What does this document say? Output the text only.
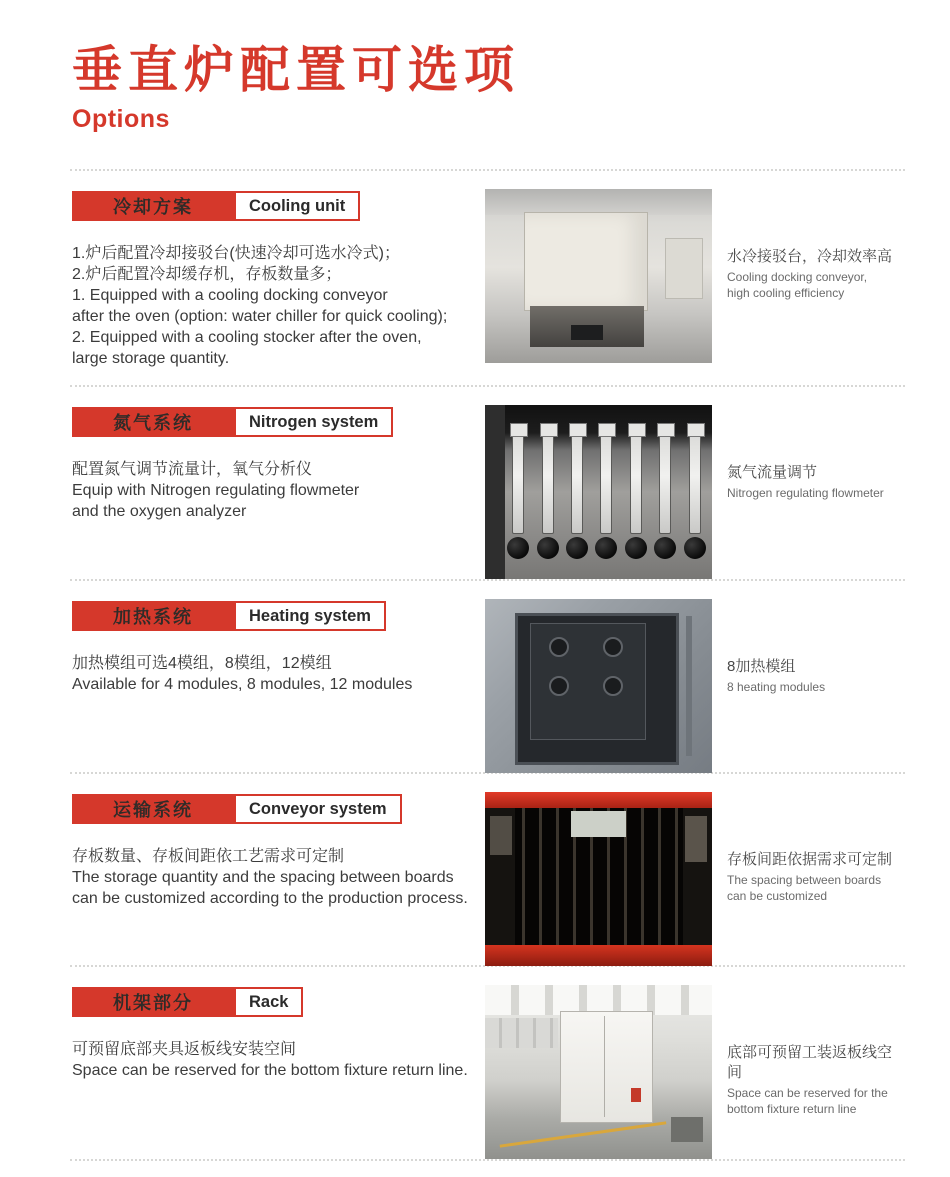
垂直炉配置可选项
Options
冷却方案	Cooling unit
1.炉后配置冷却接驳台(快速冷却可选水冷式)；
2.炉后配置冷却缓存机，存板数量多；
1. Equipped with a cooling docking conveyor
after the oven (option: water chiller for quick cooling);
2. Equipped with a cooling stocker after the oven,
large storage quantity.
水冷接驳台，冷却效率高
Cooling docking conveyor,
high cooling efficiency
氮气系统	Nitrogen system
配置氮气调节流量计，氧气分析仪
Equip with Nitrogen regulating flowmeter
and the oxygen analyzer
氮气流量调节
Nitrogen regulating flowmeter
加热系统	Heating system
加热模组可选4模组，8模组，12模组
Available for 4 modules, 8 modules, 12 modules
8加热模组
8 heating modules
运输系统	Conveyor system
存板数量、存板间距依工艺需求可定制
The storage quantity and the spacing between boards
can be customized according to the production process.
存板间距依据需求可定制
The spacing between boards
can be customized
机架部分	Rack
可预留底部夹具返板线安装空间
Space can be reserved for the bottom fixture return line.
底部可预留工装返板线空间
Space can be reserved for the
bottom fixture return line
